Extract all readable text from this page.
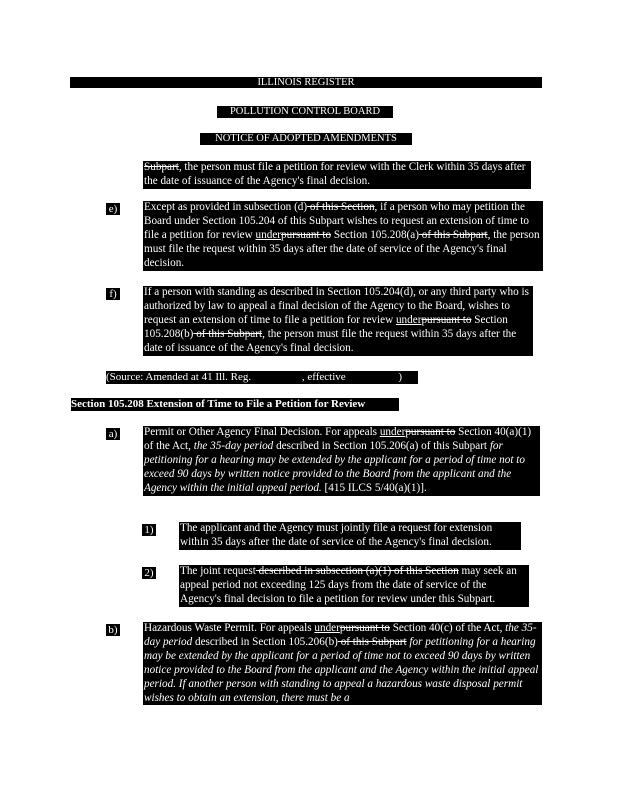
ILLINOIS REGISTER
POLLUTION CONTROL BOARD
NOTICE OF ADOPTED AMENDMENTS
Subpart, the person must file a petition for review with the Clerk within 35 days after the date of issuance of the Agency's final decision.
e) Except as provided in subsection (d) of this Section, if a person who may petition the Board under Section 105.204 of this Subpart wishes to request an extension of time to file a petition for review underpursuant to Section 105.208(a) of this Subpart, the person must file the request within 35 days after the date of service of the Agency's final decision.
f) If a person with standing as described in Section 105.204(d), or any third party who is authorized by law to appeal a final decision of the Agency to the Board, wishes to request an extension of time to file a petition for review underpursuant to Section 105.208(b) of this Subpart, the person must file the request within 35 days after the date of issuance of the Agency's final decision.
(Source: Amended at 41 Ill. Reg.	, effective	)
Section 105.208 Extension of Time to File a Petition for Review
a) Permit or Other Agency Final Decision. For appeals underpursuant to Section 40(a)(1) of the Act, the 35-day period described in Section 105.206(a) of this Subpart for petitioning for a hearing may be extended by the applicant for a period of time not to exceed 90 days by written notice provided to the Board from the applicant and the Agency within the initial appeal period. [415 ILCS 5/40(a)(1)].
1) The applicant and the Agency must jointly file a request for extension within 35 days after the date of service of the Agency's final decision.
2) The joint request described in subsection (a)(1) of this Section may seek an appeal period not exceeding 125 days from the date of service of the Agency's final decision to file a petition for review under this Subpart.
b) Hazardous Waste Permit. For appeals underpursuant to Section 40(c) of the Act, the 35-day period described in Section 105.206(b) of this Subpart for petitioning for a hearing may be extended by the applicant for a period of time not to exceed 90 days by written notice provided to the Board from the applicant and the Agency within the initial appeal period. If another person with standing to appeal a hazardous waste disposal permit wishes to obtain an extension, there must be a
